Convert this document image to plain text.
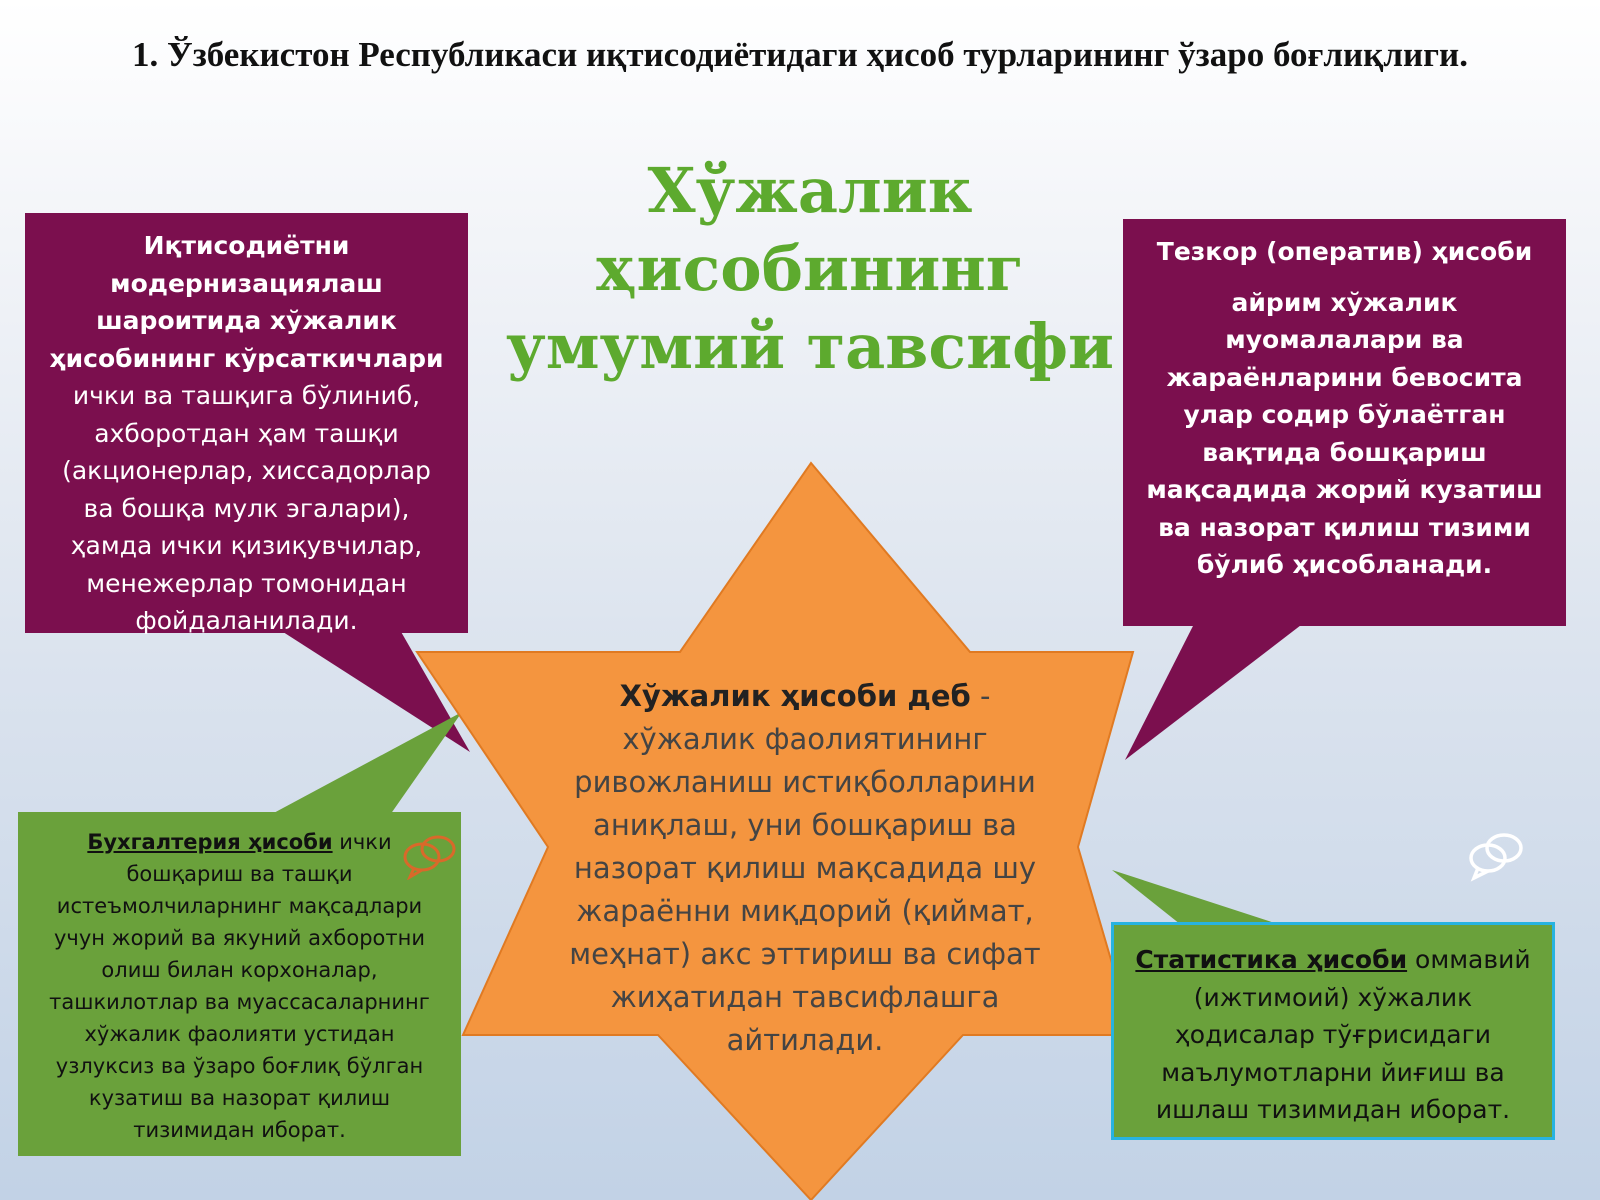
1. Ўзбекистон Республикаси иқтисодиётидаги ҳисоб турларининг ўзаро боғлиқлиги.
Хўжалик ҳисобининг умумий тавсифи
Иқтисодиётни модернизациялаш шароитида хўжалик ҳисобининг кўрсаткичлари ички ва ташқига бўлиниб, ахборотдан ҳам ташқи (акционерлар, хиссадорлар ва бошқа мулк эгалари), ҳамда ички қизиқувчилар, менежерлар томонидан фойдаланилади.
Тезкор (оператив) ҳисоби
айрим хўжалик муомалалари ва жараёнларини бевосита улар содир бўлаётган вақтида бошқариш мақсадида жорий кузатиш ва назорат қилиш тизими бўлиб ҳисобланади.
Бухгалтерия ҳисоби ички бошқариш ва ташқи истеъмолчиларнинг мақсадлари учун жорий ва якуний ахборотни олиш билан корхоналар, ташкилотлар ва муассасаларнинг хўжалик фаолияти устидан узлуксиз ва ўзаро боғлиқ бўлган кузатиш ва назорат қилиш тизимидан иборат.
Статистика ҳисоби оммавий (ижтимоий) хўжалик ҳодисалар тўғрисидаги маълумотларни йиғиш ва ишлаш тизимидан иборат.
Хўжалик ҳисоби деб - хўжалик фаолиятининг ривожланиш истиқболларини аниқлаш, уни бошқариш ва назорат қилиш мақсадида шу жараённи миқдорий (қиймат, меҳнат) акс эттириш ва сифат жиҳатидан тавсифлашга айтилади.
